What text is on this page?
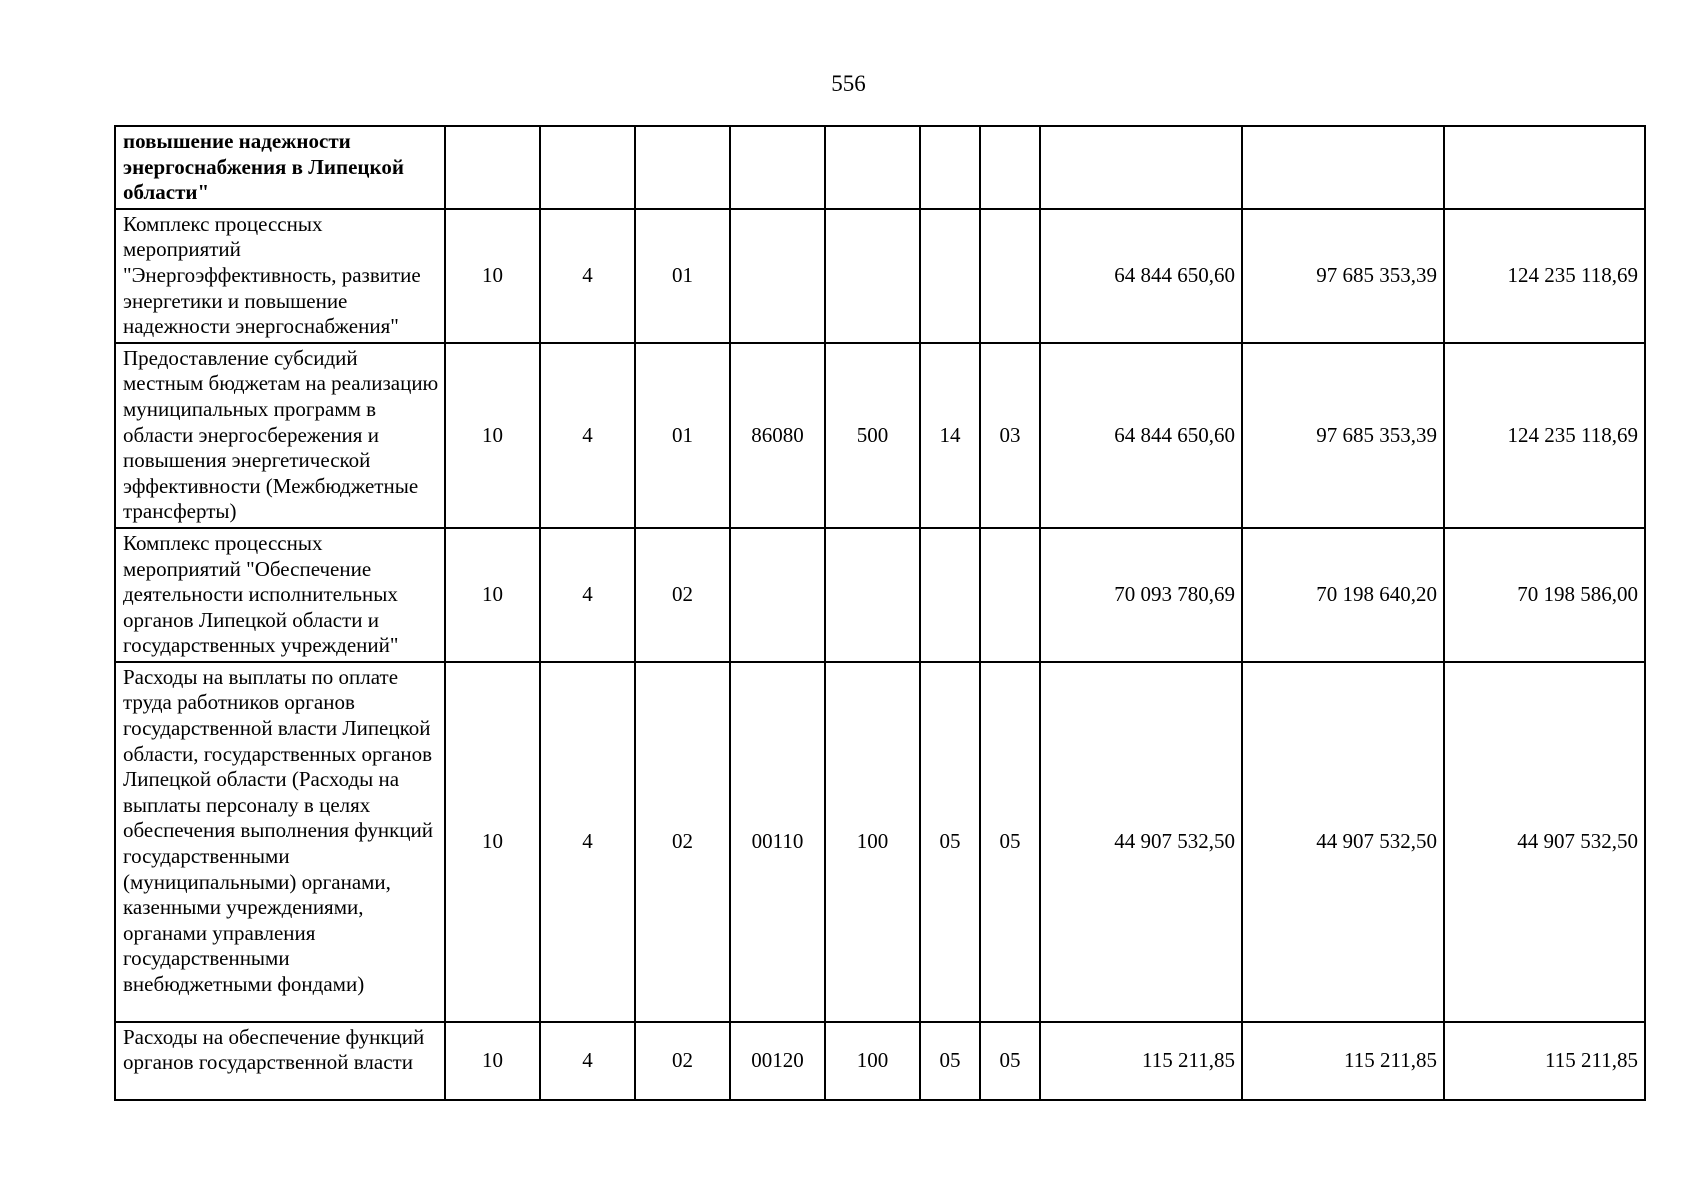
556
повышение надежности энергоснабжения в Липецкой области"										
Комплекс процессных мероприятий "Энергоэффективность, развитие энергетики и повышение надежности энергоснабжения"	10	4	01					64 844 650,60	97 685 353,39	124 235 118,69
Предоставление субсидий местным бюджетам на реализацию муниципальных программ в области энергосбережения и повышения энергетической эффективности (Межбюджетные трансферты)	10	4	01	86080	500	14	03	64 844 650,60	97 685 353,39	124 235 118,69
Комплекс процессных мероприятий "Обеспечение деятельности исполнительных органов Липецкой области и государственных учреждений"	10	4	02					70 093 780,69	70 198 640,20	70 198 586,00
Расходы на выплаты по оплате труда работников органов государственной власти Липецкой области, государственных органов Липецкой области (Расходы на выплаты персоналу в целях обеспечения выполнения функций государственными (муниципальными) органами, казенными учреждениями, органами управления государственными внебюджетными фондами)	10	4	02	00110	100	05	05	44 907 532,50	44 907 532,50	44 907 532,50
Расходы на обеспечение функций органов государственной власти	10	4	02	00120	100	05	05	115 211,85	115 211,85	115 211,85
